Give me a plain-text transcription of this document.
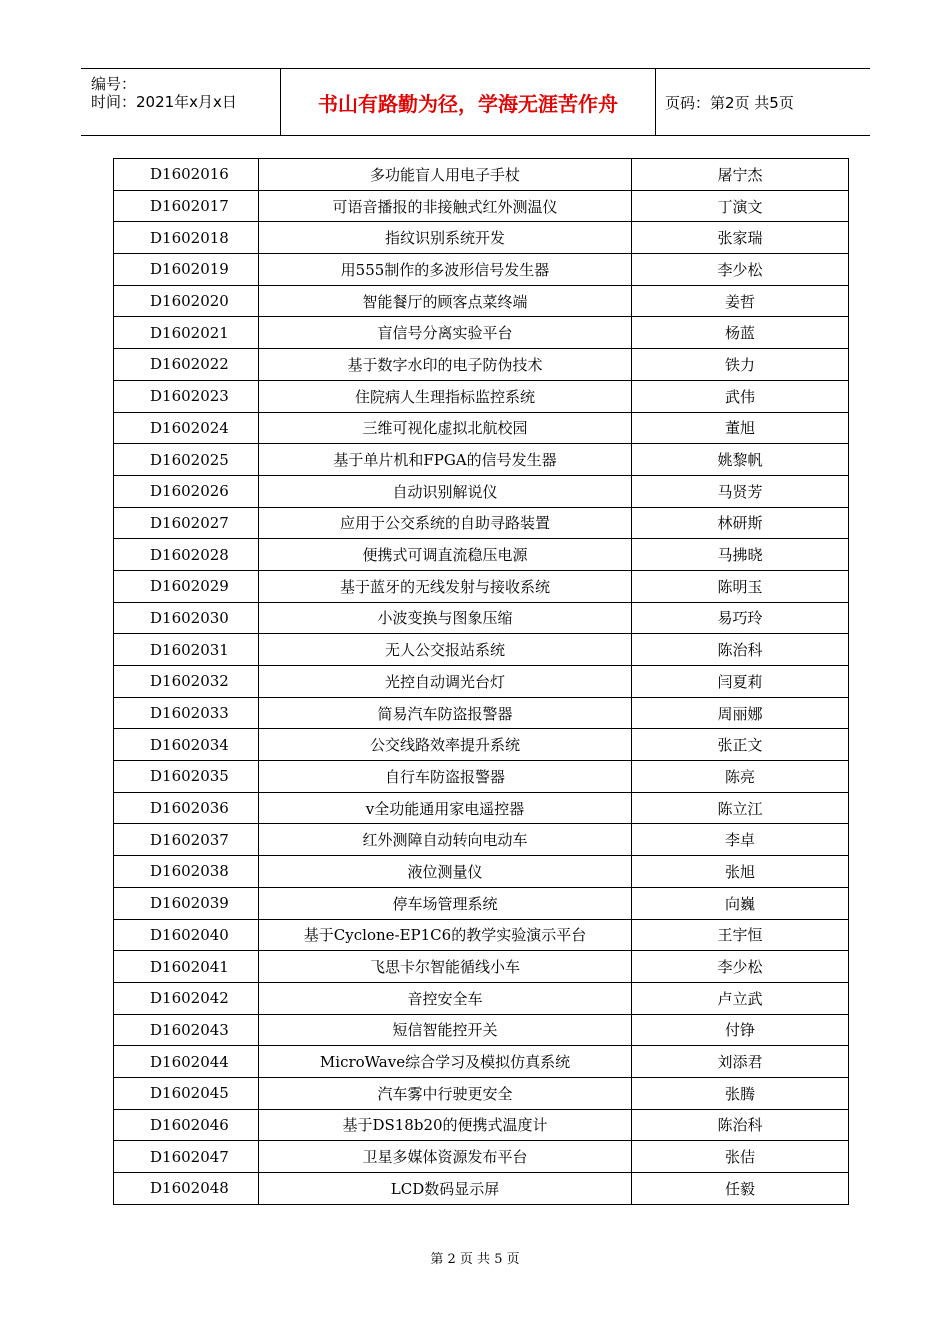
编号：
时间：2021年x月x日	书山有路勤为径，学海无涯苦作舟	页码：第2页 共5页
D1602016	多功能盲人用电子手杖	屠宁杰
D1602017	可语音播报的非接触式红外测温仪	丁演文
D1602018	指纹识别系统开发	张家瑞
D1602019	用555制作的多波形信号发生器	李少松
D1602020	智能餐厅的顾客点菜终端	姜哲
D1602021	盲信号分离实验平台	杨蓝
D1602022	基于数字水印的电子防伪技术	铁力
D1602023	住院病人生理指标监控系统	武伟
D1602024	三维可视化虚拟北航校园	董旭
D1602025	基于单片机和FPGA的信号发生器	姚黎帆
D1602026	自动识别解说仪	马贤芳
D1602027	应用于公交系统的自助寻路装置	林研斯
D1602028	便携式可调直流稳压电源	马拂晓
D1602029	基于蓝牙的无线发射与接收系统	陈明玉
D1602030	小波变换与图象压缩	易巧玲
D1602031	无人公交报站系统	陈治科
D1602032	光控自动调光台灯	闫夏莉
D1602033	简易汽车防盗报警器	周丽娜
D1602034	公交线路效率提升系统	张正文
D1602035	自行车防盗报警器	陈亮
D1602036	v全功能通用家电遥控器	陈立江
D1602037	红外测障自动转向电动车	李卓
D1602038	液位测量仪	张旭
D1602039	停车场管理系统	向巍
D1602040	基于Cyclone-EP1C6的教学实验演示平台	王宇恒
D1602041	飞思卡尔智能循线小车	李少松
D1602042	音控安全车	卢立武
D1602043	短信智能控开关	付铮
D1602044	MicroWave综合学习及模拟仿真系统	刘添君
D1602045	汽车雾中行驶更安全	张腾
D1602046	基于DS18b20的便携式温度计	陈治科
D1602047	卫星多媒体资源发布平台	张佶
D1602048	LCD数码显示屏	任毅
第 2 页 共 5 页
